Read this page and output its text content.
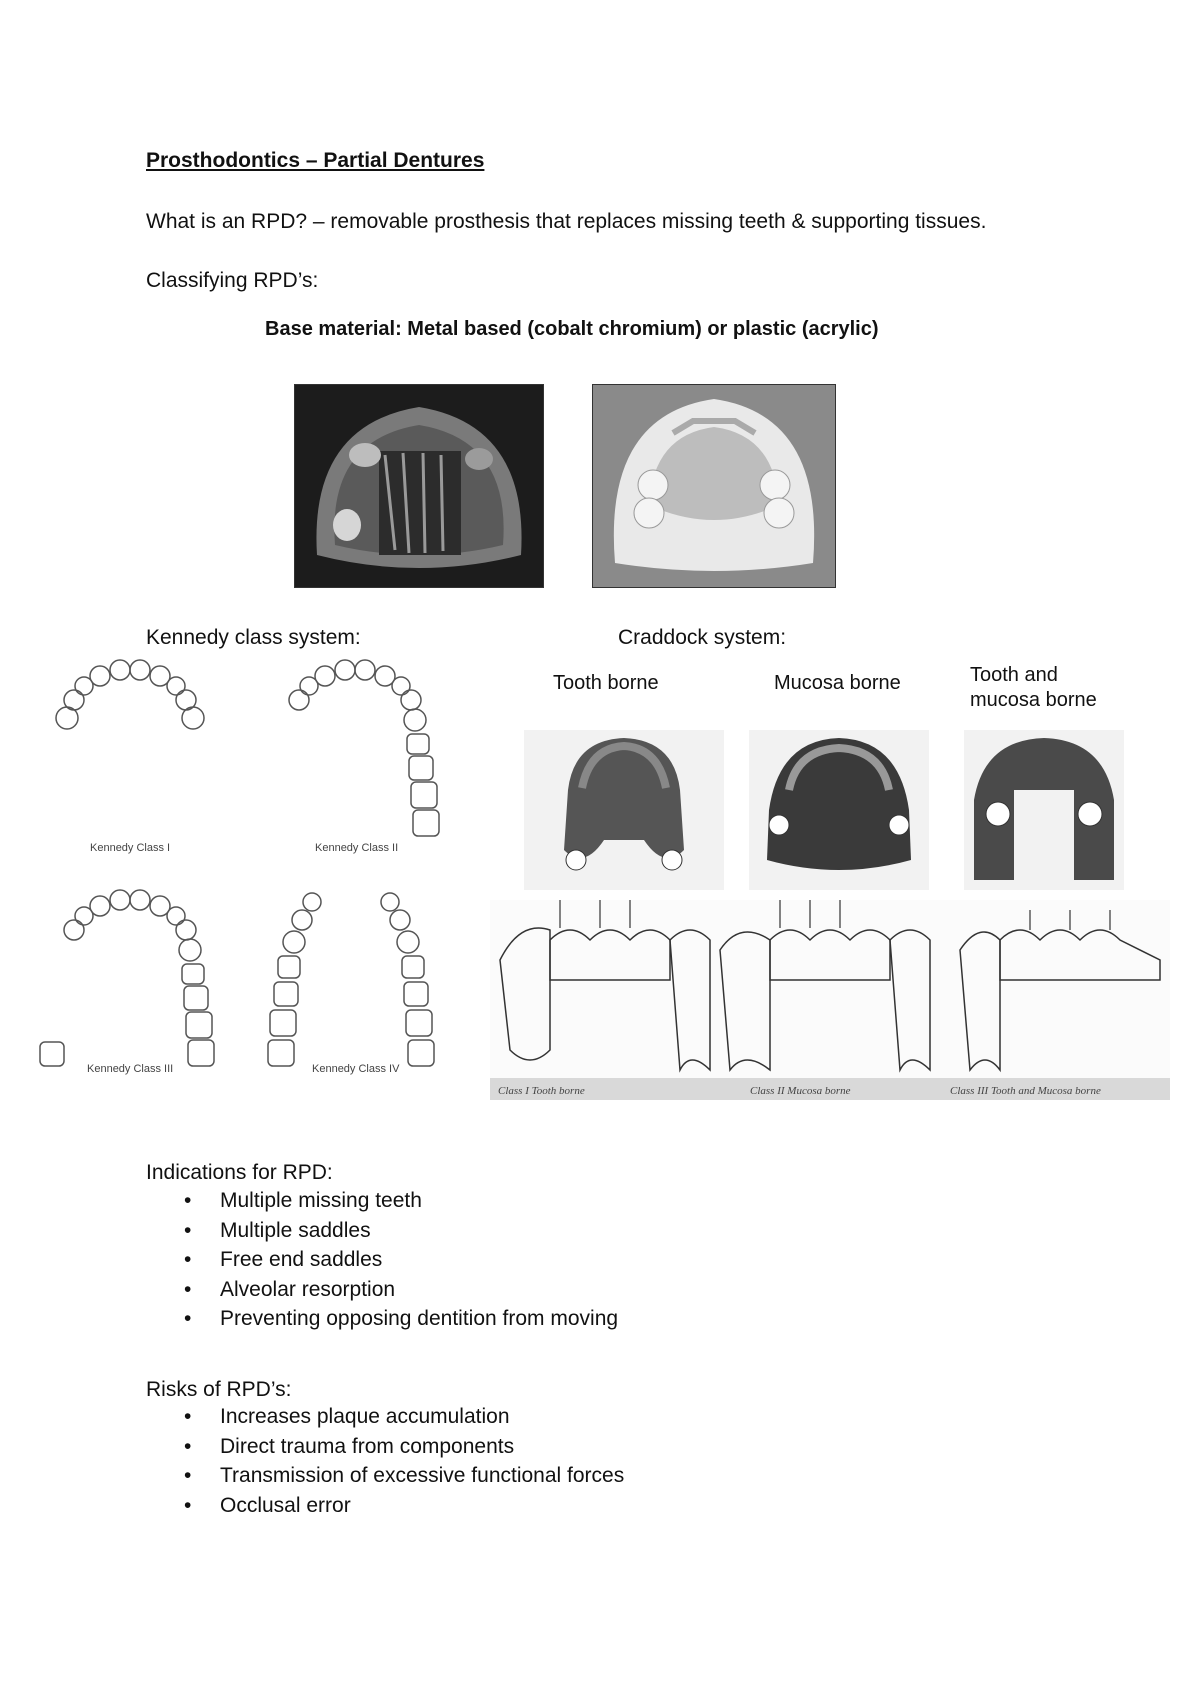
Prosthodontics – Partial Dentures
What is an RPD? – removable prosthesis that replaces missing teeth & supporting tissues.
Classifying RPD’s:
Base material: Metal based (cobalt chromium) or plastic (acrylic)
Kennedy class system:	Craddock system:
Kennedy Class I	Kennedy Class II
Kennedy Class III	Kennedy Class IV
Tooth borne	Mucosa borne	Tooth and mucosa borne
Class I Tooth borne	Class II Mucosa borne	Class III Tooth and Mucosa borne
Indications for RPD:
• Multiple missing teeth
• Multiple saddles
• Free end saddles
• Alveolar resorption
• Preventing opposing dentition from moving
Risks of RPD’s:
• Increases plaque accumulation
• Direct trauma from components
• Transmission of excessive functional forces
• Occlusal error
